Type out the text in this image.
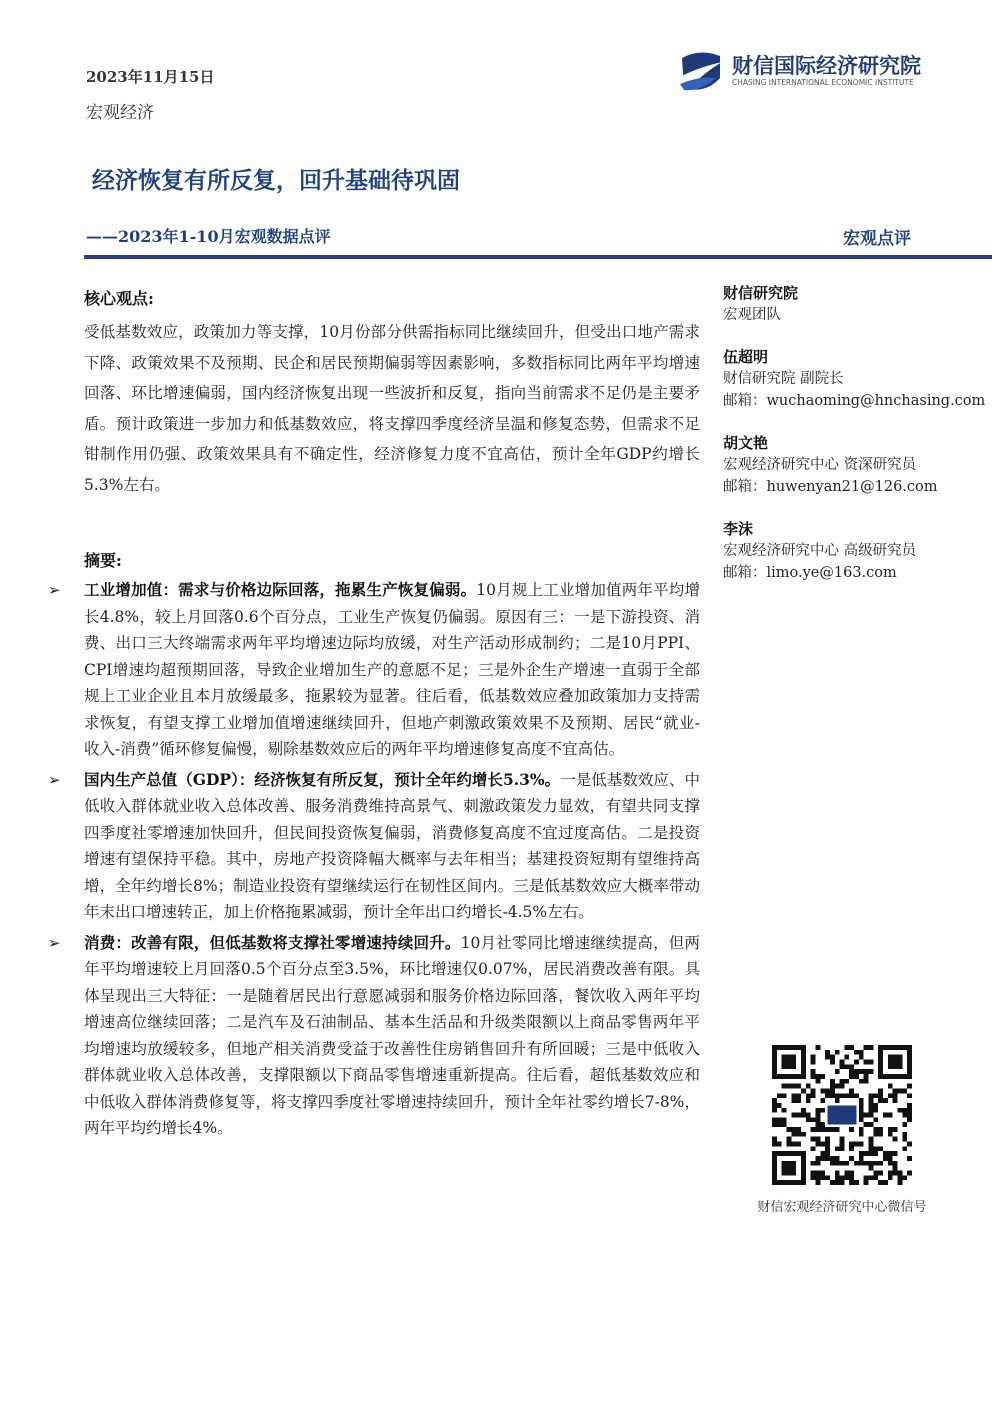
2023年11月15日
宏观经济
财信国际经济研究院
CHASING INTERNATIONAL ECONOMIC INSTITUTE
经济恢复有所反复，回升基础待巩固
——2023年1-10月宏观数据点评	宏观点评

核心观点:

受低基数效应，政策加力等支撑，10月份部分供需指标同比继续回升，但受出口地产需求下降、政策效果不及预期、民企和居民预期偏弱等因素影响，多数指标同比两年平均增速回落、环比增速偏弱，国内经济恢复出现一些波折和反复，指向当前需求不足仍是主要矛盾。预计政策进一步加力和低基数效应，将支撑四季度经济呈温和修复态势，但需求不足钳制作用仍强、政策效果具有不确定性，经济修复力度不宜高估，预计全年GDP约增长5.3%左右。

摘要:

➢ 工业增加值：需求与价格边际回落，拖累生产恢复偏弱。10月规上工业增加值两年平均增长4.8%，较上月回落0.6个百分点，工业生产恢复仍偏弱。原因有三：一是下游投资、消费、出口三大终端需求两年平均增速边际均放缓，对生产活动形成制约；二是10月PPI、CPI增速均超预期回落，导致企业增加生产的意愿不足；三是外企生产增速一直弱于全部规上工业企业且本月放缓最多，拖累较为显著。往后看，低基数效应叠加政策加力支持需求恢复，有望支撑工业增加值增速继续回升，但地产刺激政策效果不及预期、居民“就业-收入-消费”循环修复偏慢，剔除基数效应后的两年平均增速修复高度不宜高估。
➢ 国内生产总值（GDP）：经济恢复有所反复，预计全年约增长5.3%。一是低基数效应、中低收入群体就业收入总体改善、服务消费维持高景气、刺激政策发力显效，有望共同支撑四季度社零增速加快回升，但民间投资恢复偏弱，消费修复高度不宜过度高估。二是投资增速有望保持平稳。其中，房地产投资降幅大概率与去年相当；基建投资短期有望维持高增，全年约增长8%；制造业投资有望继续运行在韧性区间内。三是低基数效应大概率带动年末出口增速转正，加上价格拖累减弱，预计全年出口约增长-4.5%左右。
➢ 消费：改善有限，但低基数将支撑社零增速持续回升。10月社零同比增速继续提高，但两年平均增速较上月回落0.5个百分点至3.5%，环比增速仅0.07%，居民消费改善有限。具体呈现出三大特征：一是随着居民出行意愿减弱和服务价格边际回落，餐饮收入两年平均增速高位继续回落；二是汽车及石油制品、基本生活品和升级类限额以上商品零售两年平均增速均放缓较多，但地产相关消费受益于改善性住房销售回升有所回暖；三是中低收入群体就业收入总体改善，支撑限额以下商品零售增速重新提高。往后看，超低基数效应和中低收入群体消费修复等，将支撑四季度社零增速持续回升，预计全年社零约增长7-8%，两年平均约增长4%。
财信研究院
宏观团队
伍超明
财信研究院 副院长
邮箱：wuchaoming@hnchasing.com
胡文艳
宏观经济研究中心 资深研究员
邮箱：huwenyan21@126.com
李沫
宏观经济研究中心 高级研究员
邮箱：limo.ye@163.com
财信宏观经济研究中心微信号
